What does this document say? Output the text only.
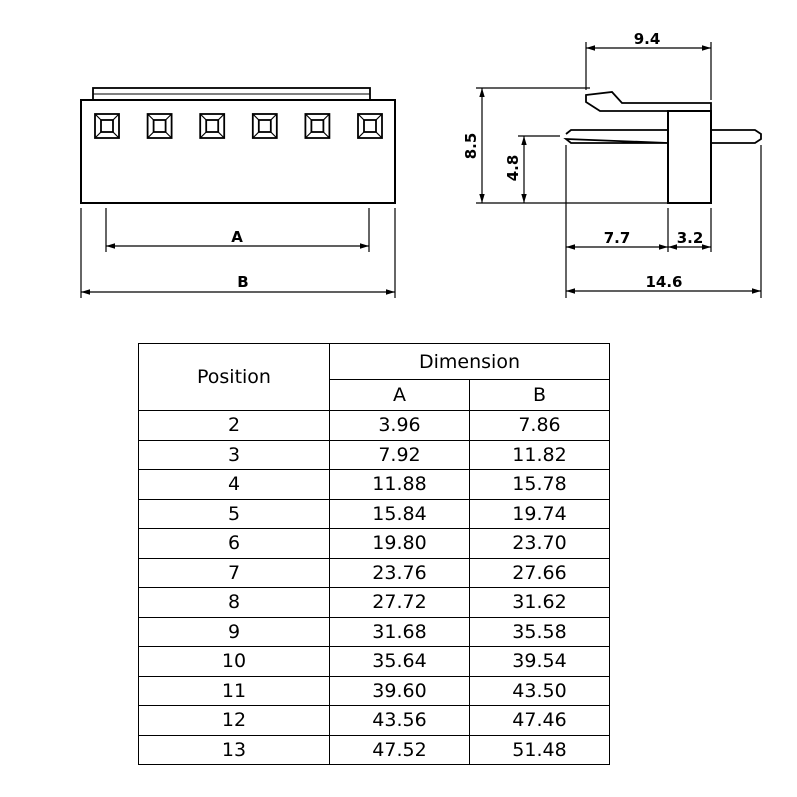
A
B
9.4
8.5
4.8
7.7	3.2
14.6
Position	Dimension	
	A	B
2	3.96	7.86
3	7.92	11.82
4	11.88	15.78
5	15.84	19.74
6	19.80	23.70
7	23.76	27.66
8	27.72	31.62
9	31.68	35.58
10	35.64	39.54
11	39.60	43.50
12	43.56	47.46
13	47.52	51.48
